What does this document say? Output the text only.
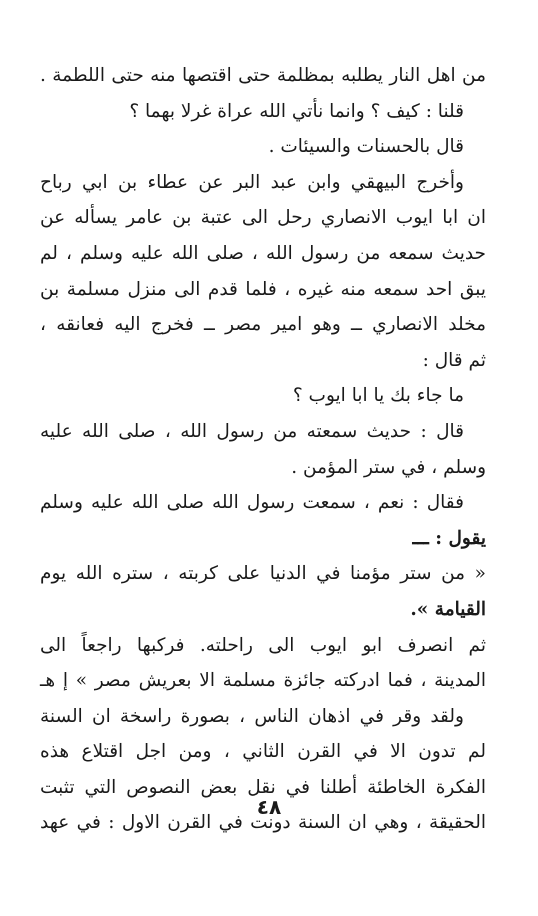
من اهل النار يطلبه بمظلمة حتى اقتصها منه حتى اللطمة .
قلنا : كيف ؟ وانما نأتي الله عراة غرلا بهما ؟
قال بالحسنات والسيئات .
وأخرج البيهقي وابن عبد البر عن عطاء بن ابي رباح
ان ابا ايوب الانصاري رحل الى عتبة بن عامر يسأله عن
حديث سمعه من رسول الله ، صلى الله عليه وسلم ، لم
يبق احد سمعه منه غيره ، فلما قدم الى منزل مسلمة بن
مخلد الانصاري ــ وهو امير مصر ــ فخرج اليه فعانقه ،
ثم قال :
ما جاء بك يا ابا ايوب ؟
قال : حديث سمعته من رسول الله ، صلى الله عليه
وسلم ، في ستر المؤمن .
فقال : نعم ، سمعت رسول الله صلى الله عليه وسلم
يقول : ـــ
« من ستر مؤمنا في الدنيا على كربته ، ستره الله يوم
القيامة ».
ثم انصرف ابو ايوب الى راحلته. فركبها راجعاً الى
المدينة ، فما ادركته جائزة مسلمة الا بعريش مصر » إ هـ
ولقد وقر في اذهان الناس ، بصورة راسخة ان السنة
لم تدون الا في القرن الثاني ، ومن اجل اقتلاع هذه
الفكرة الخاطئة أطلنا في نقل بعض النصوص التي تثبت
الحقيقة ، وهي ان السنة دونت في القرن الاول : في عهد
٤٨
